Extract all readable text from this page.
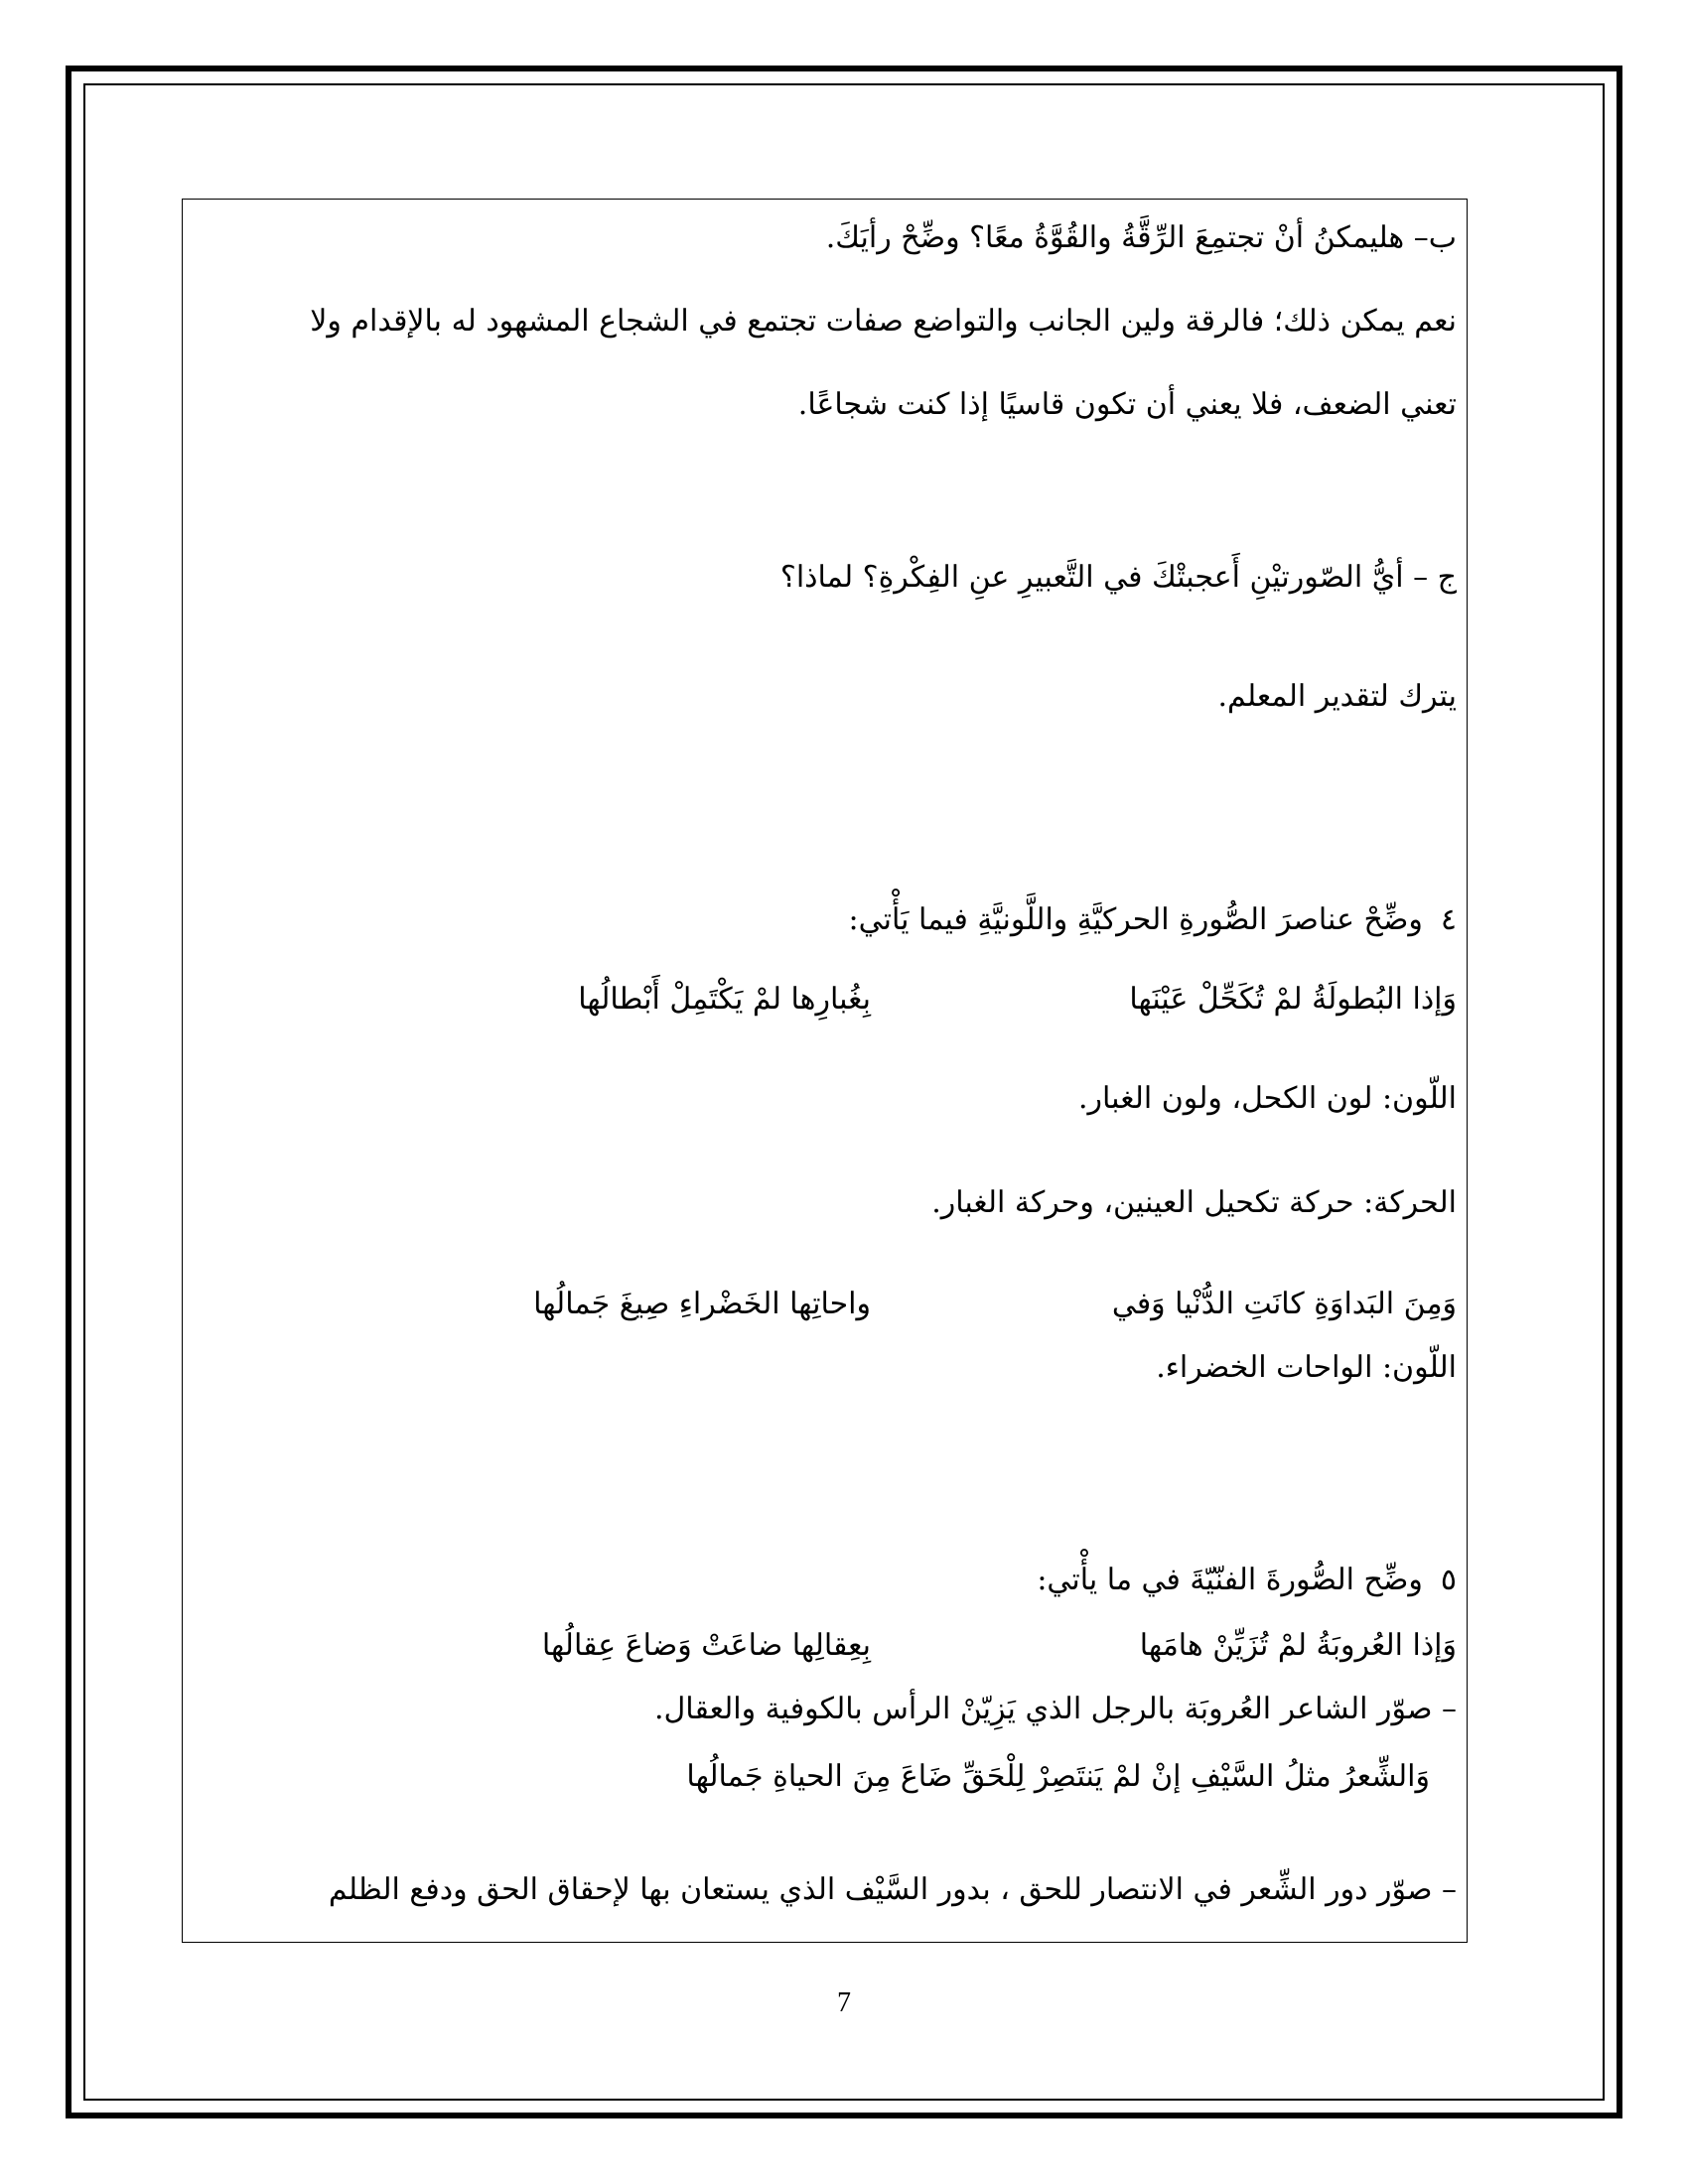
ب– هليمكنُ أنْ تجتمِعَ الرِّقَّةُ والقُوَّةُ معًا؟ وضِّحْ رأيَكَ.
نعم يمكن ذلك؛ فالرقة ولين الجانب والتواضع صفات تجتمع في الشجاع المشهود له بالإقدام ولا
تعني الضعف، فلا يعني أن تكون قاسيًا إذا كنت شجاعًا.
ج – أيُّ الصّورتيْنِ أَعجبتْكَ في التَّعبيرِ عنِ الفِكْرةِ؟ لماذا؟
يترك لتقدير المعلم.
٤وضِّحْ عناصرَ الصُّورةِ الحركيَّةِ واللَّونيَّةِ فيما يَأْتي:
وَإذا البُطولَةُ لمْ تُكَحِّلْ عَيْنَها
بِغُبارِها لمْ يَكْتَمِلْ أَبْطالُها
اللّون: لون الكحل، ولون الغبار.
الحركة: حركة تكحيل العينين، وحركة الغبار.
وَمِنَ البَداوَةِ كانَتِ الدُّنْيا وَفي
واحاتِها الخَضْراءِ صِيغَ جَمالُها
اللّون: الواحات الخضراء.
٥وضِّح الصُّورةَ الفنّيّةَ في ما يأْتي:
وَإذا العُروبَةُ لمْ تُزَيِّنْ هامَها
بِعِقالِها ضاعَتْ وَضاعَ عِقالُها
– صوّر الشاعر العُروبَة بالرجل الذي يَزِيّنْ الرأس بالكوفية والعقال.
وَالشِّعرُ مثلُ السَّيْفِ إنْ لمْ يَنتَصِرْ لِلْحَقِّ ضَاعَ مِنَ الحياةِ جَمالُها
– صوّر دور الشِّعر في الانتصار للحق ، بدور السَّيْف الذي يستعان بها لإحقاق الحق ودفع الظلم
7
